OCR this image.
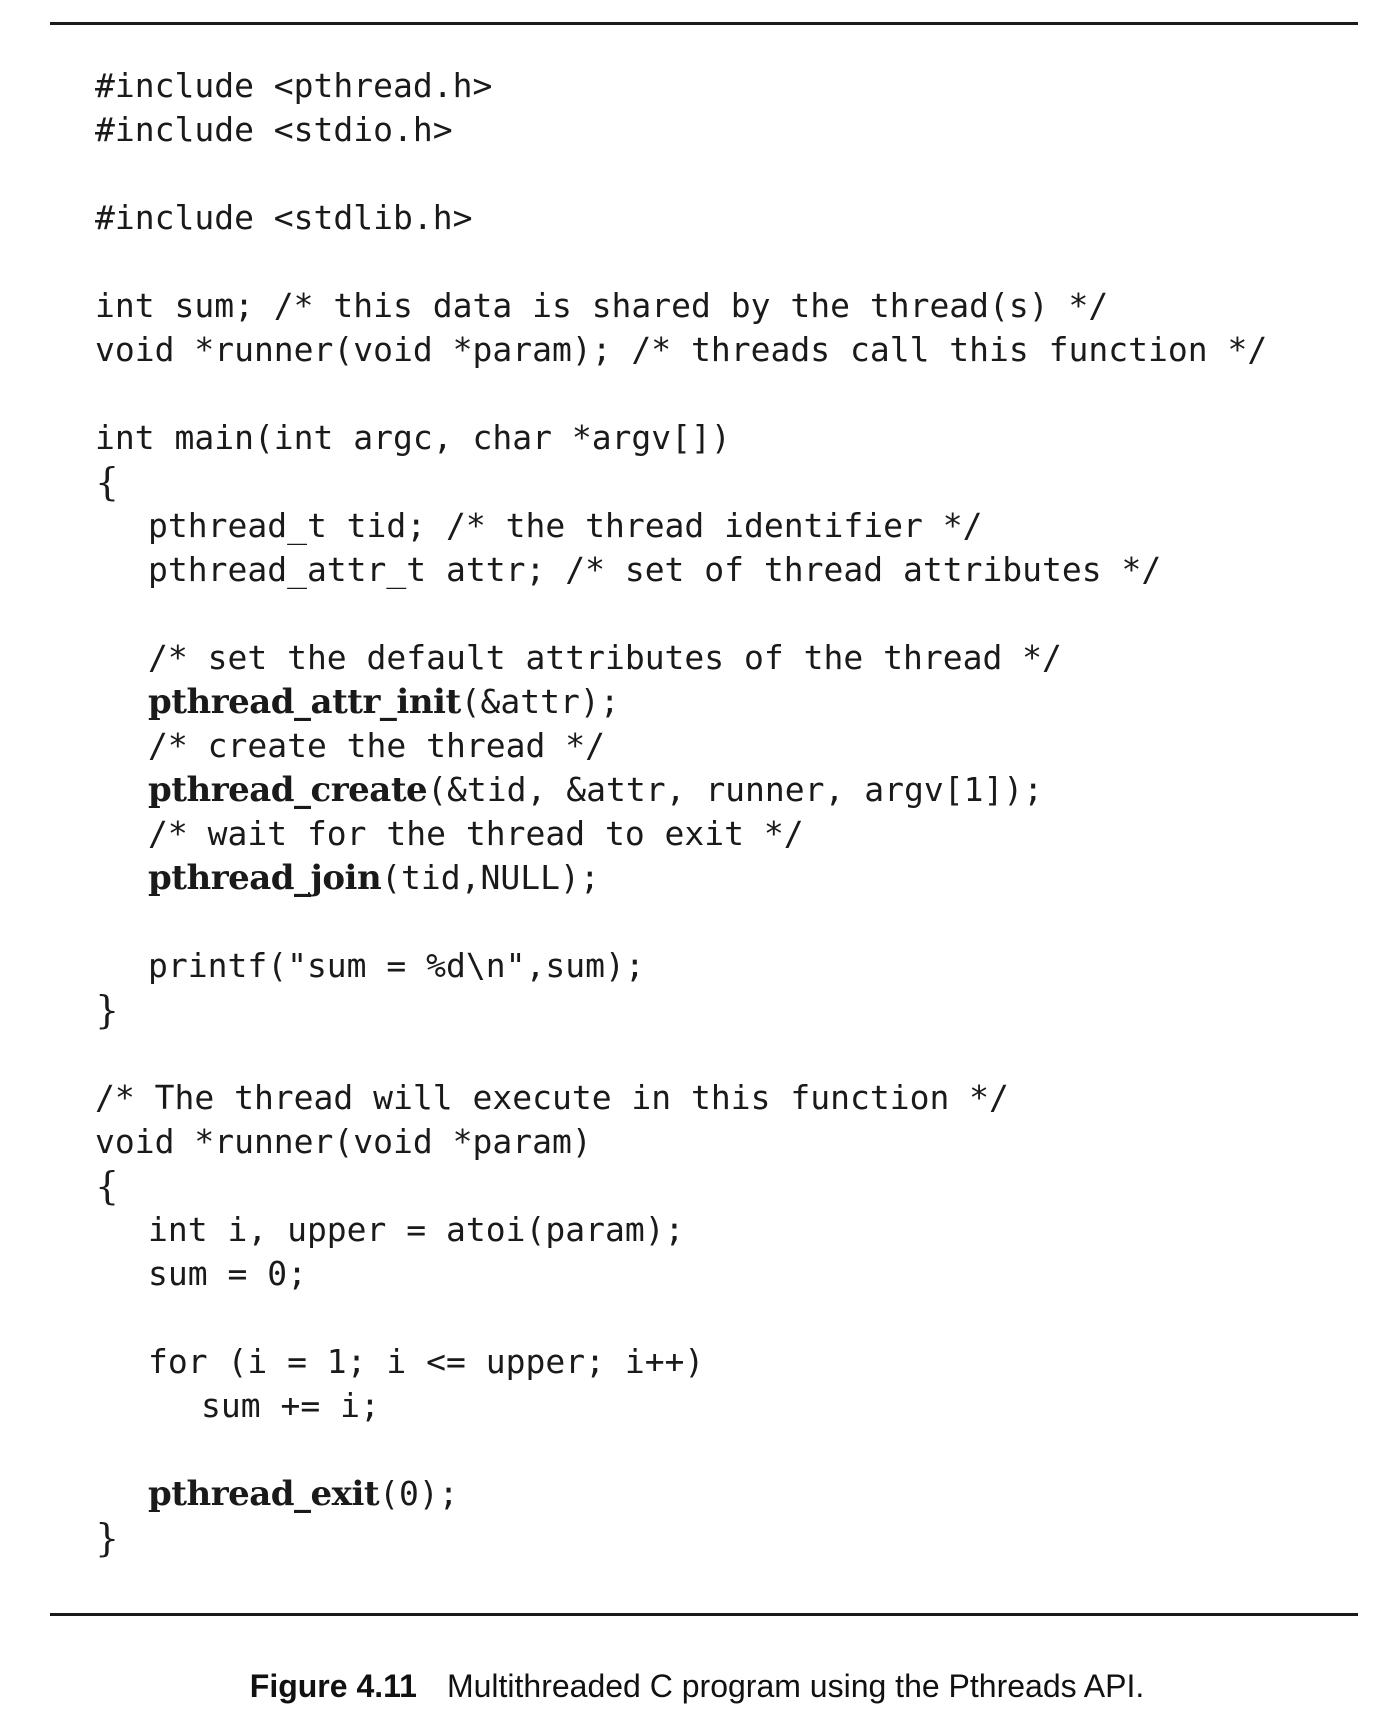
#include <pthread.h>
#include <stdio.h>
#include <stdlib.h>
int sum; /* this data is shared by the thread(s) */
void *runner(void *param); /* threads call this function */
int main(int argc, char *argv[])
{
pthread_t tid; /* the thread identifier */
pthread_attr_t attr; /* set of thread attributes */
/* set the default attributes of the thread */
pthread_attr_init(&attr);
/* create the thread */
pthread_create(&tid, &attr, runner, argv[1]);
/* wait for the thread to exit */
pthread_join(tid,NULL);
printf("sum = %d\n",sum);
}
/* The thread will execute in this function */
void *runner(void *param)
{
int i, upper = atoi(param);
sum = 0;
for (i = 1; i <= upper; i++)
sum += i;
pthread_exit(0);
}
Figure 4.11 Multithreaded C program using the Pthreads API.
